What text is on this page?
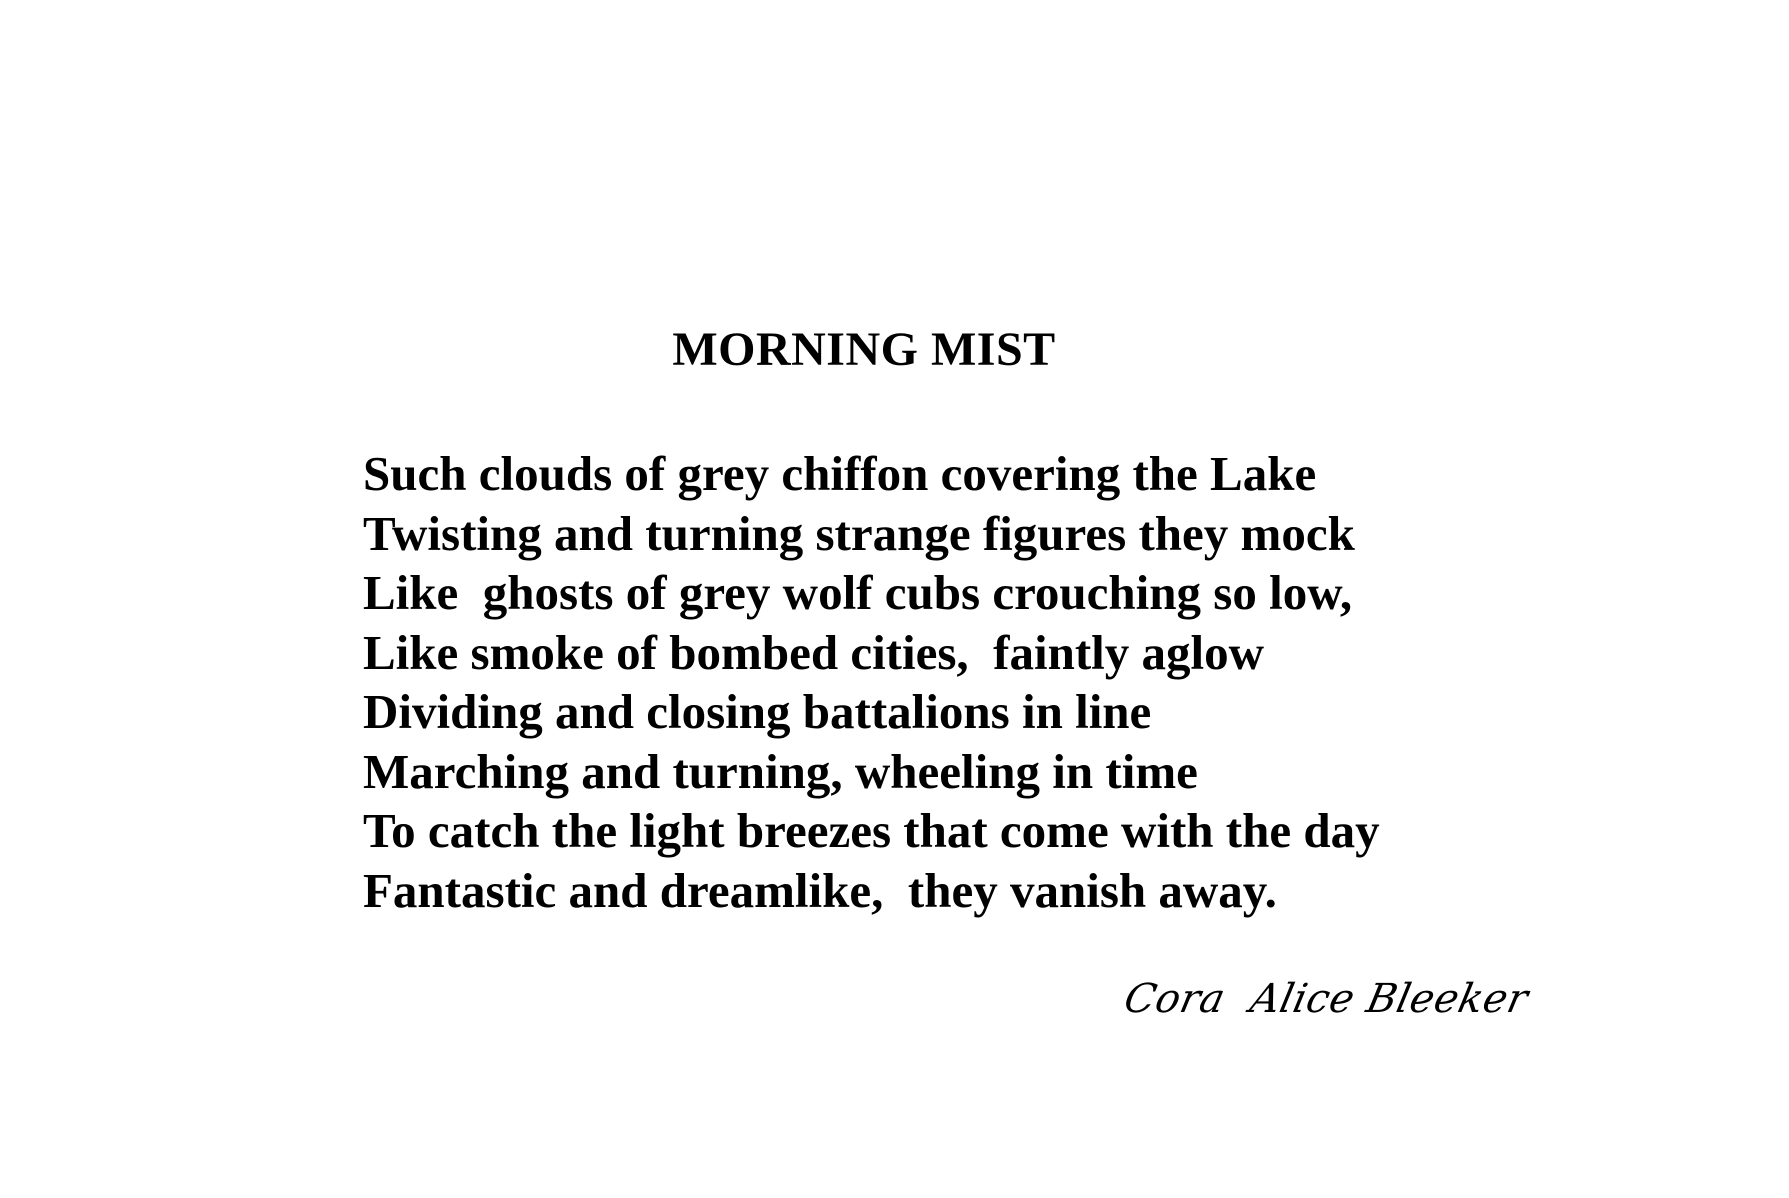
MORNING MIST
Such clouds of grey chiffon covering the Lake
Twisting and turning strange figures they mock
Like  ghosts of grey wolf cubs crouching so low,
Like smoke of bombed cities,  faintly aglow
Dividing and closing battalions in line
Marching and turning, wheeling in time
To catch the light breezes that come with the day
Fantastic and dreamlike,  they vanish away.
Cora  Alice Bleeker
